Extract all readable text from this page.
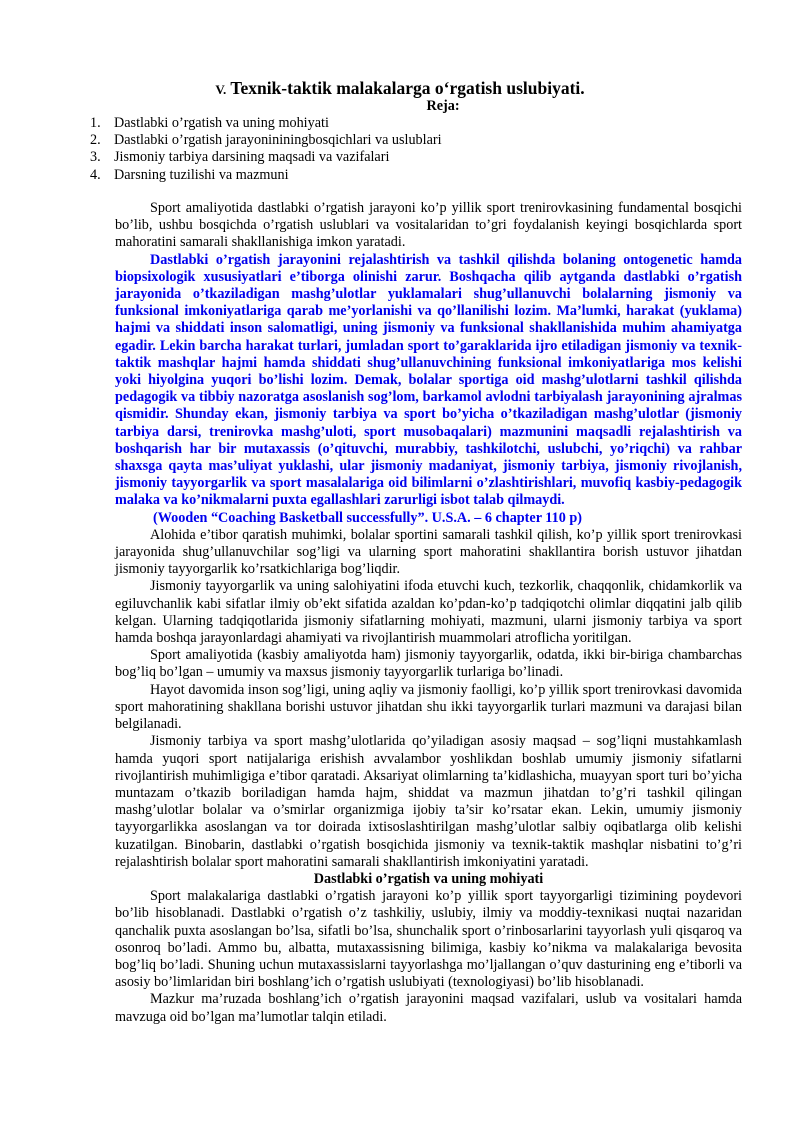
V. Texnik-taktik malakalarga o‘rgatish uslubiyati.
Reja:
1. Dastlabki o’rgatish va uning mohiyati
2. Dastlabki o’rgatish jarayonininingbosqichlari va uslublari
3. Jismoniy tarbiya darsining maqsadi va vazifalari
4. Darsning tuzilishi va mazmuni

Sport amaliyotida dastlabki o’rgatish jarayoni ko’p yillik sport trenirovkasining fundamental bosqichi bo’lib, ushbu bosqichda o’rgatish uslublari va vositalaridan to’gri foydalanish keyingi bosqichlarda sport mahoratini samarali shakllanishiga imkon yaratadi.

Dastlabki o’rgatish jarayonini rejalashtirish va tashkil qilishda bolaning ontogenetic hamda biopsixologik xususiyatlari e’tiborga olinishi zarur. Boshqacha qilib aytganda dastlabki o’rgatish jarayonida o’tkaziladigan mashg’ulotlar yuklamalari shug’ullanuvchi bolalarning jismoniy va funksional imkoniyatlariga qarab me’yorlanishi va qo’llanilishi lozim. Ma’lumki, harakat (yuklama) hajmi va shiddati inson salomatligi, uning jismoniy va funksional shakllanishida muhim ahamiyatga egadir. Lekin barcha harakat turlari, jumladan sport to’garaklarida ijro etiladigan jismoniy va texnik-taktik mashqlar hajmi hamda shiddati shug’ullanuvchining funksional imkoniyatlariga mos kelishi yoki hiyolgina yuqori bo’lishi lozim. Demak, bolalar sportiga oid mashg’ulotlarni tashkil qilishda pedagogik va tibbiy nazoratga asoslanish sog’lom, barkamol avlodni tarbiyalash jarayonining ajralmas qismidir. Shunday ekan, jismoniy tarbiya va sport bo’yicha o’tkaziladigan mashg’ulotlar (jismoniy tarbiya darsi, trenirovka mashg’uloti, sport musobaqalari) mazmunini maqsadli rejalashtirish va boshqarish har bir mutaxassis (o’qituvchi, murabbiy, tashkilotchi, uslubchi, yo’riqchi) va rahbar shaxsga qayta mas’uliyat yuklashi, ular jismoniy madaniyat, jismoniy tarbiya, jismoniy rivojlanish, jismoniy tayyorgarlik va sport masalalariga oid bilimlarni o’zlashtirishlari, muvofiq kasbiy-pedagogik malaka va ko’nikmalarni puxta egallashlari zarurligi isbot talab qilmaydi.

(Wooden “Coaching Basketball successfully”. U.S.A. – 6 chapter 110 p)

Alohida e’tibor qaratish muhimki, bolalar sportini samarali tashkil qilish, ko’p yillik sport trenirovkasi jarayonida shug’ullanuvchilar sog’ligi va ularning sport mahoratini shakllantira borish ustuvor jihatdan jismoniy tayyorgarlik ko’rsatkichlariga bog’liqdir.

Jismoniy tayyorgarlik va uning salohiyatini ifoda etuvchi kuch, tezkorlik, chaqqonlik, chidamkorlik va egiluvchanlik kabi sifatlar ilmiy ob’ekt sifatida azaldan ko’pdan-ko’p tadqiqotchi olimlar diqqatini jalb qilib kelgan. Ularning tadqiqotlarida jismoniy sifatlarning mohiyati, mazmuni, ularni jismoniy tarbiya va sport hamda boshqa jarayonlardagi ahamiyati va rivojlantirish muammolari atroflicha yoritilgan.

Sport amaliyotida (kasbiy amaliyotda ham) jismoniy tayyorgarlik, odatda, ikki bir-biriga chambarchas bog’liq bo’lgan – umumiy va maxsus jismoniy tayyorgarlik turlariga bo’linadi.

Hayot davomida inson sog’ligi, uning aqliy va jismoniy faolligi, ko’p yillik sport trenirovkasi davomida sport mahoratining shakllana borishi ustuvor jihatdan shu ikki tayyorgarlik turlari mazmuni va darajasi bilan belgilanadi.

Jismoniy tarbiya va sport mashg’ulotlarida qo’yiladigan asosiy maqsad – sog’liqni mustahkamlash hamda yuqori sport natijalariga erishish avvalambor yoshlikdan boshlab umumiy jismoniy sifatlarni rivojlantirish muhimligiga e’tibor qaratadi. Aksariyat olimlarning ta’kidlashicha, muayyan sport turi bo’yicha muntazam o’tkazib boriladigan hamda hajm, shiddat va mazmun jihatdan to’g’ri tashkil qilingan mashg’ulotlar bolalar va o’smirlar organizmiga ijobiy ta’sir ko’rsatar ekan. Lekin, umumiy jismoniy tayyorgarlikka asoslangan va tor doirada ixtisoslashtirilgan mashg’ulotlar salbiy oqibatlarga olib kelishi kuzatilgan. Binobarin, dastlabki o’rgatish bosqichida jismoniy va texnik-taktik mashqlar nisbatini to’g’ri rejalashtirish bolalar sport mahoratini samarali shakllantirish imkoniyatini yaratadi.

Dastlabki o’rgatish va uning mohiyati

Sport malakalariga dastlabki o’rgatish jarayoni ko’p yillik sport tayyorgarligi tizimining poydevori bo’lib hisoblanadi. Dastlabki o’rgatish o’z tashkiliy, uslubiy, ilmiy va moddiy-texnikasi nuqtai nazaridan qanchalik puxta asoslangan bo’lsa, sifatli bo’lsa, shunchalik sport o’rinbosarlarini tayyorlash yuli qisqaroq va osonroq bo’ladi. Ammo bu, albatta, mutaxassisning bilimiga, kasbiy ko’nikma va malakalariga bevosita bog’liq bo’ladi. Shuning uchun mutaxassislarni tayyorlashga mo’ljallangan o’quv dasturining eng e’tiborli va asosiy bo’limlaridan biri boshlang’ich o’rgatish uslubiyati (texnologiyasi) bo’lib hisoblanadi.

Mazkur ma’ruzada boshlang’ich o’rgatish jarayonini maqsad vazifalari, uslub va vositalari hamda mavzuga oid bo’lgan ma’lumotlar talqin etiladi.
